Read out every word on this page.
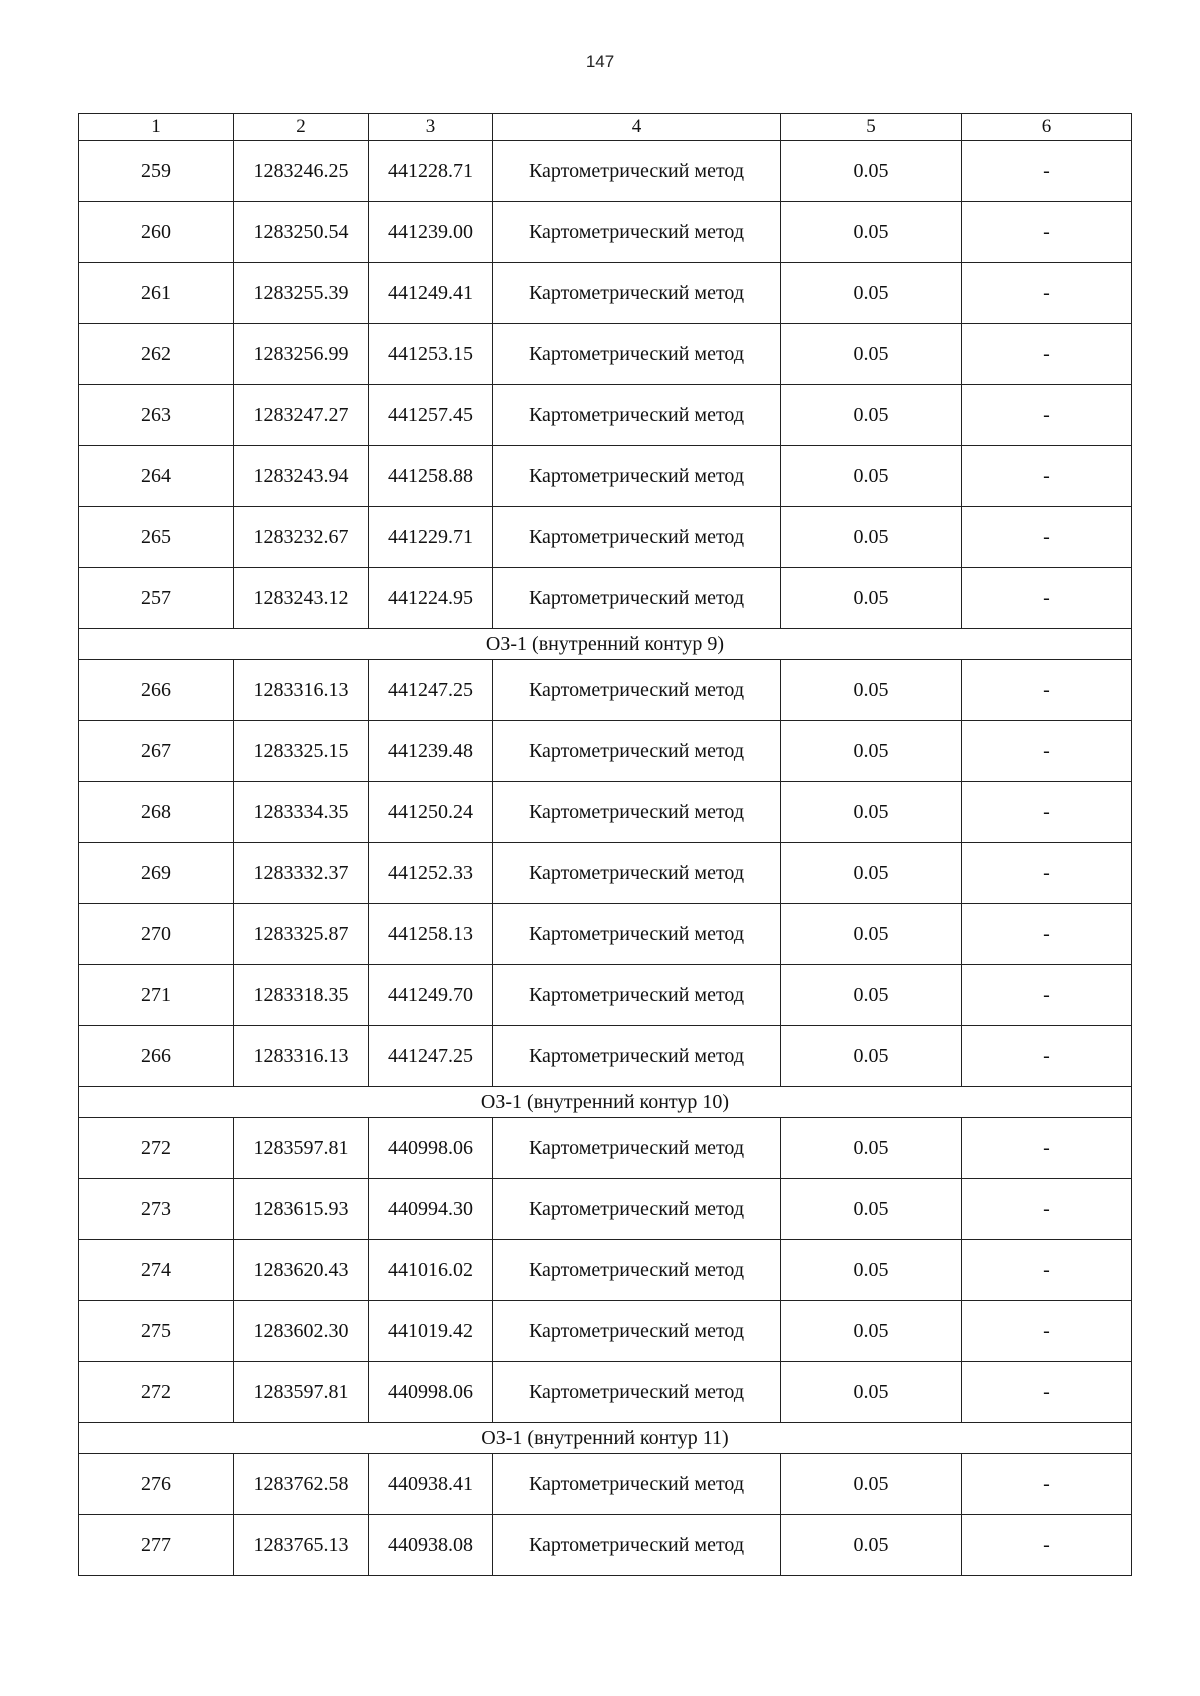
147
1	2	3	4	5	6
259	1283246.25	441228.71	Картометрический метод	0.05	-
260	1283250.54	441239.00	Картометрический метод	0.05	-
261	1283255.39	441249.41	Картометрический метод	0.05	-
262	1283256.99	441253.15	Картометрический метод	0.05	-
263	1283247.27	441257.45	Картометрический метод	0.05	-
264	1283243.94	441258.88	Картометрический метод	0.05	-
265	1283232.67	441229.71	Картометрический метод	0.05	-
257	1283243.12	441224.95	Картометрический метод	0.05	-
ОЗ-1 (внутренний контур 9)					
266	1283316.13	441247.25	Картометрический метод	0.05	-
267	1283325.15	441239.48	Картометрический метод	0.05	-
268	1283334.35	441250.24	Картометрический метод	0.05	-
269	1283332.37	441252.33	Картометрический метод	0.05	-
270	1283325.87	441258.13	Картометрический метод	0.05	-
271	1283318.35	441249.70	Картометрический метод	0.05	-
266	1283316.13	441247.25	Картометрический метод	0.05	-
ОЗ-1 (внутренний контур 10)					
272	1283597.81	440998.06	Картометрический метод	0.05	-
273	1283615.93	440994.30	Картометрический метод	0.05	-
274	1283620.43	441016.02	Картометрический метод	0.05	-
275	1283602.30	441019.42	Картометрический метод	0.05	-
272	1283597.81	440998.06	Картометрический метод	0.05	-
ОЗ-1 (внутренний контур 11)					
276	1283762.58	440938.41	Картометрический метод	0.05	-
277	1283765.13	440938.08	Картометрический метод	0.05	-
